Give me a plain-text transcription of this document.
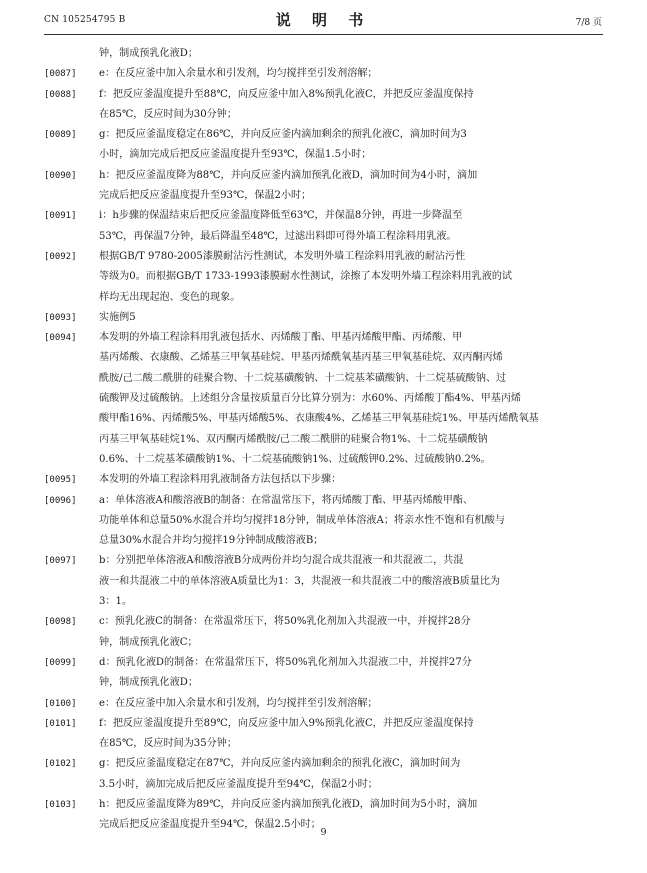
CN 105254795 B	说 明 书	7/8 页
钟，制成预乳化液D；
[0087] e：在反应釜中加入余量水和引发剂，均匀搅拌至引发剂溶解；
[0088] f：把反应釜温度提升至88℃，向反应釜中加入8%预乳化液C，并把反应釜温度保持
在85℃，反应时间为30分钟；
[0089] g：把反应釜温度稳定在86℃，并向反应釜内滴加剩余的预乳化液C，滴加时间为3
小时，滴加完成后把反应釜温度提升至93℃，保温1.5小时；
[0090] h：把反应釜温度降为88℃，并向反应釜内滴加预乳化液D，滴加时间为4小时，滴加
完成后把反应釜温度提升至93℃，保温2小时；
[0091] i：h步骤的保温结束后把反应釜温度降低至63℃，并保温8分钟，再进一步降温至
53℃，再保温7分钟，最后降温至48℃，过滤出料即可得外墙工程涂料用乳液。
[0092] 根据GB/T 9780-2005漆膜耐沾污性测试，本发明外墙工程涂料用乳液的耐沾污性
等级为0。而根据GB/T 1733-1993漆膜耐水性测试，涂擦了本发明外墙工程涂料用乳液的试
样均无出现起泡、变色的现象。
[0093] 实施例5
[0094] 本发明的外墙工程涂料用乳液包括水、丙烯酸丁酯、甲基丙烯酸甲酯、丙烯酸、甲
基丙烯酸、衣康酸、乙烯基三甲氧基硅烷、甲基丙烯酰氧基丙基三甲氧基硅烷、双丙酮丙烯
酰胺/己二酸二酰肼的硅聚合物、十二烷基磺酸钠、十二烷基苯磺酸钠、十二烷基硫酸钠、过
硫酸钾及过硫酸钠。上述组分含量按质量百分比算分别为：水60%、丙烯酸丁酯4%、甲基丙烯
酸甲酯16%、丙烯酸5%、甲基丙烯酸5%、衣康酸4%、乙烯基三甲氧基硅烷1%、甲基丙烯酰氧基
丙基三甲氧基硅烷1%、双丙酮丙烯酰胺/己二酸二酰肼的硅聚合物1%、十二烷基磺酸钠
0.6%、十二烷基苯磺酸钠1%、十二烷基硫酸钠1%、过硫酸钾0.2%、过硫酸钠0.2%。
[0095] 本发明的外墙工程涂料用乳液制备方法包括以下步骤：
[0096] a：单体溶液A和酸溶液B的制备：在常温常压下，将丙烯酸丁酯、甲基丙烯酸甲酯、
功能单体和总量50%水混合并均匀搅拌18分钟，制成单体溶液A；将亲水性不饱和有机酸与
总量30%水混合并均匀搅拌19分钟制成酸溶液B；
[0097] b：分别把单体溶液A和酸溶液B分成两份并均匀混合成共混液一和共混液二，共混
液一和共混液二中的单体溶液A质量比为1：3，共混液一和共混液二中的酸溶液B质量比为
3：1。
[0098] c：预乳化液C的制备：在常温常压下，将50%乳化剂加入共混液一中，并搅拌28分
钟，制成预乳化液C；
[0099] d：预乳化液D的制备：在常温常压下，将50%乳化剂加入共混液二中，并搅拌27分
钟，制成预乳化液D；
[0100] e：在反应釜中加入余量水和引发剂，均匀搅拌至引发剂溶解；
[0101] f：把反应釜温度提升至89℃，向反应釜中加入9%预乳化液C，并把反应釜温度保持
在85℃，反应时间为35分钟；
[0102] g：把反应釜温度稳定在87℃，并向反应釜内滴加剩余的预乳化液C，滴加时间为
3.5小时，滴加完成后把反应釜温度提升至94℃，保温2小时；
[0103] h：把反应釜温度降为89℃，并向反应釜内滴加预乳化液D，滴加时间为5小时，滴加
完成后把反应釜温度提升至94℃，保温2.5小时；
9
